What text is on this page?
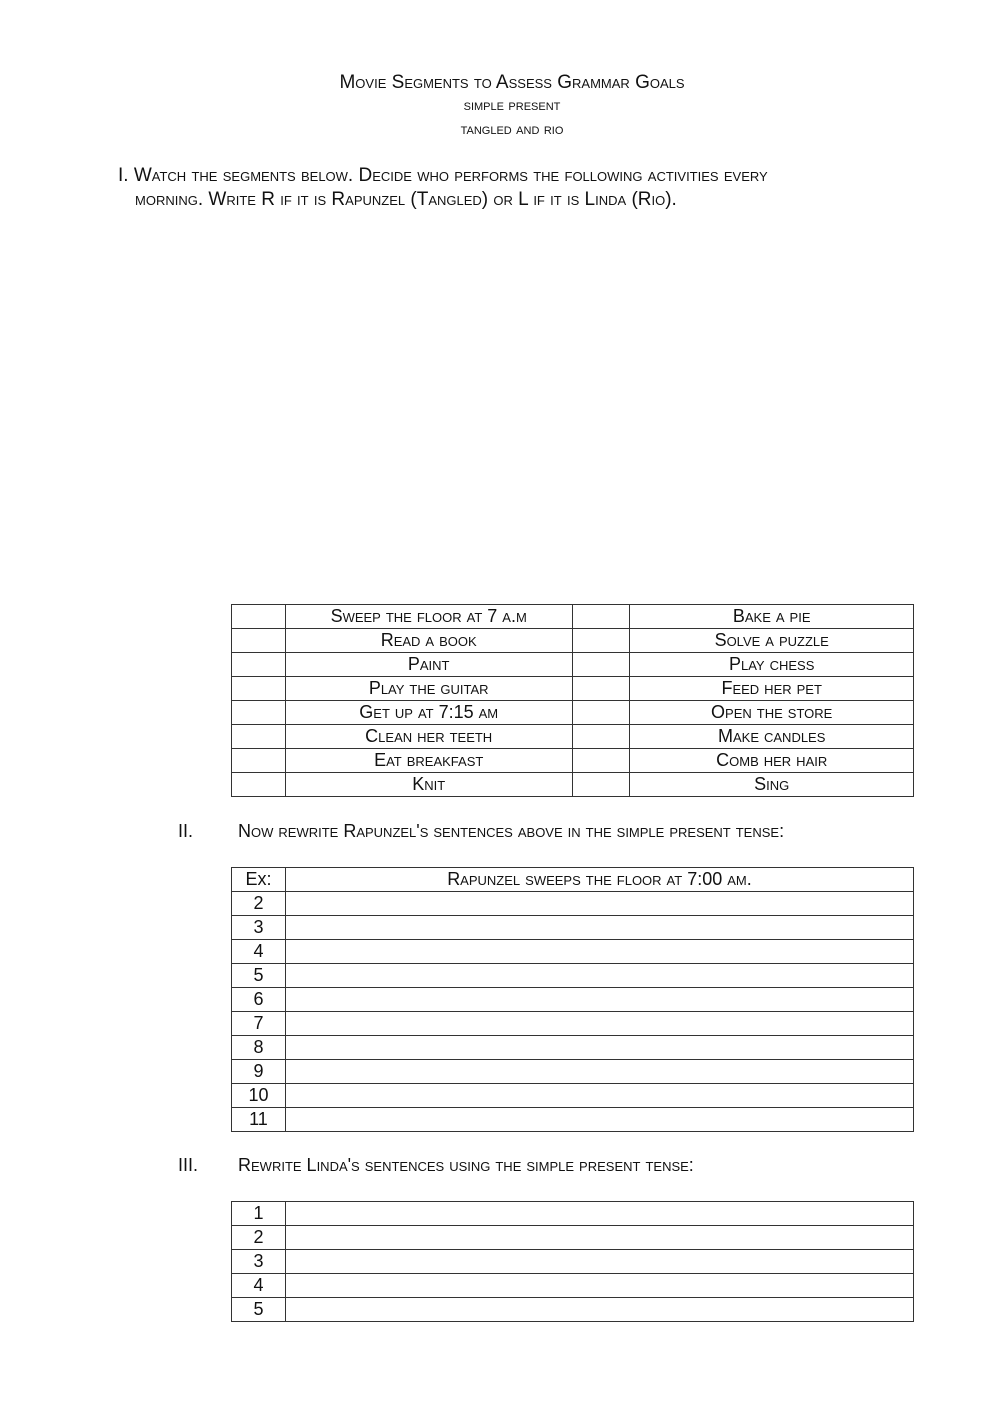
Movie Segments to Assess Grammar Goals
simple present
tangled and rio
I. Watch the segments below. Decide who performs the following activities every
morning. Write R if it is Rapunzel (Tangled) or L if it is Linda (Rio).
	Sweep the floor at 7 a.m		Bake a pie
	Read a book		Solve a puzzle
	Paint		Play chess
	Play the guitar		Feed her pet
	Get up at 7:15 am		Open the store
	Clean her teeth		Make candles
	Eat breakfast		Comb her hair
	Knit		Sing
II. Now rewrite Rapunzel's sentences above in the simple present tense:
Ex:	Rapunzel sweeps the floor at 7:00 am.
2	
3	
4	
5	
6	
7	
8	
9	
10	
11	
III. Rewrite Linda's sentences using the simple present tense:
1	
2	
3	
4	
5	
